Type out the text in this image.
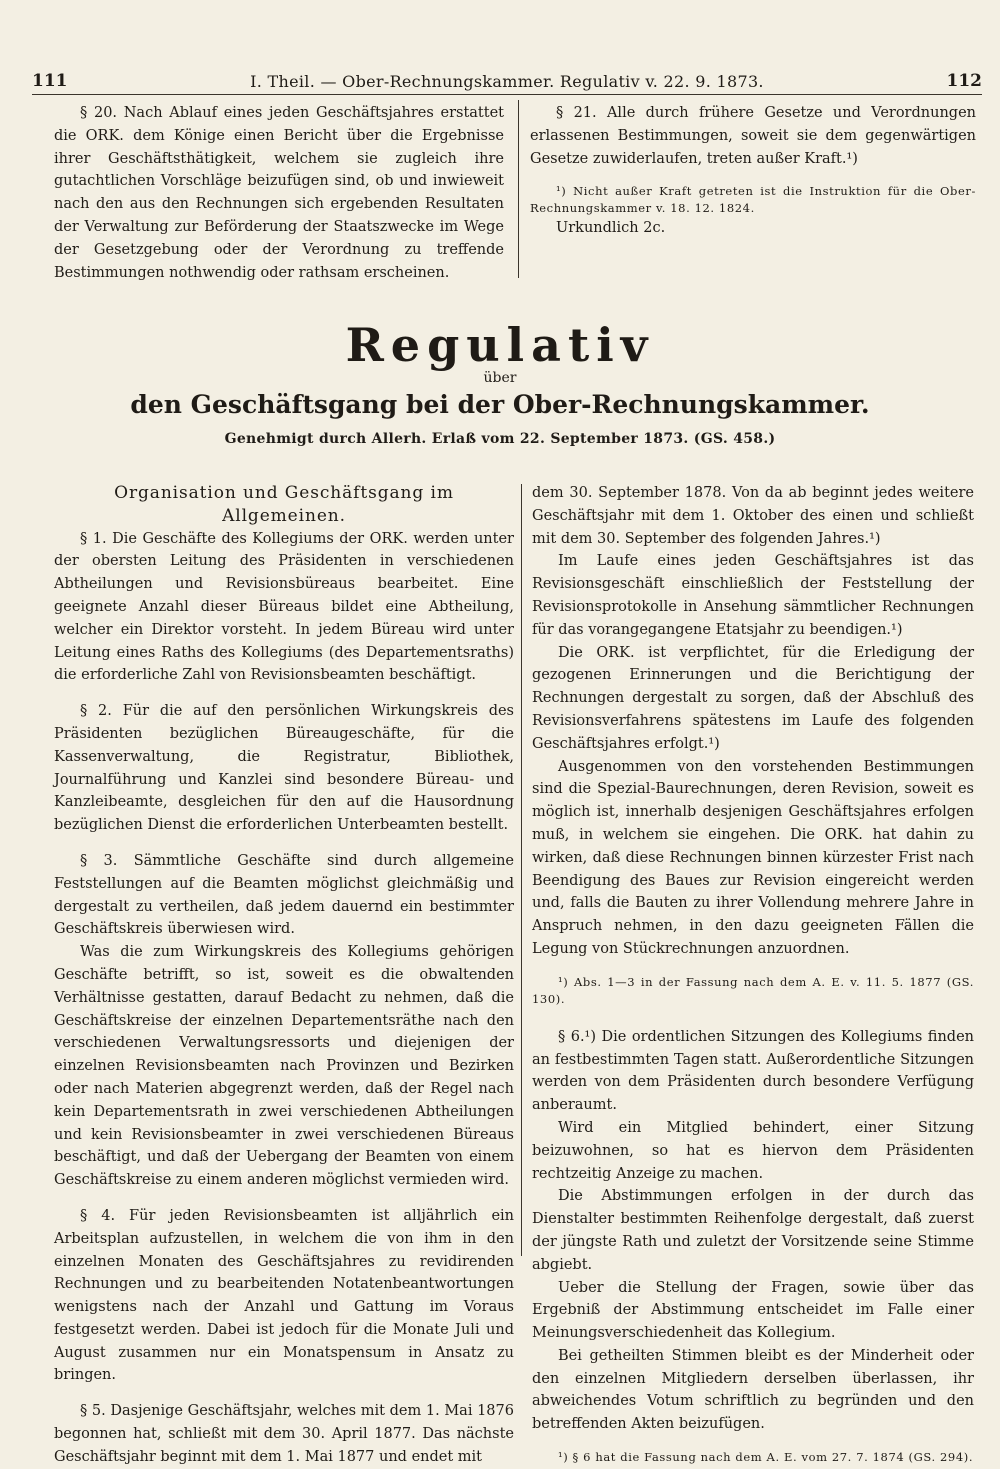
111	I. Theil. — Ober-Rechnungskammer. Regulativ v. 22. 9. 1873.	112

§ 20. Nach Ablauf eines jeden Geschäftsjahres erstattet die ORK. dem Könige einen Bericht über die Ergebnisse ihrer Geschäftsthätigkeit, welchem sie zugleich ihre gutachtlichen Vorschläge beizufügen sind, ob und inwieweit nach den aus den Rechnungen sich ergebenden Resultaten der Verwaltung zur Beförderung der Staatszwecke im Wege der Gesetzgebung oder der Verordnung zu treffende Bestimmungen nothwendig oder rathsam erscheinen.

§ 21. Alle durch frühere Gesetze und Verordnungen erlassenen Bestimmungen, soweit sie dem gegenwärtigen Gesetze zuwiderlaufen, treten außer Kraft.¹)

¹) Nicht außer Kraft getreten ist die Instruktion für die Ober-Rechnungskammer v. 18. 12. 1824.

Urkundlich 2c.

Regulativ
über
den Geschäftsgang bei der Ober-Rechnungskammer.
Genehmigt durch Allerh. Erlaß vom 22. September 1873. (GS. 458.)

Organisation und Geschäftsgang im Allgemeinen.

§ 1. Die Geschäfte des Kollegiums der ORK. werden unter der obersten Leitung des Präsidenten in verschiedenen Abtheilungen und Revisionsbüreaus bearbeitet. Eine geeignete Anzahl dieser Büreaus bildet eine Abtheilung, welcher ein Direktor vorsteht. In jedem Büreau wird unter Leitung eines Raths des Kollegiums (des Departementsraths) die erforderliche Zahl von Revisionsbeamten beschäftigt.

§ 2. Für die auf den persönlichen Wirkungskreis des Präsidenten bezüglichen Büreaugeschäfte, für die Kassenverwaltung, die Registratur, Bibliothek, Journalführung und Kanzlei sind besondere Büreau- und Kanzleibeamte, desgleichen für den auf die Hausordnung bezüglichen Dienst die erforderlichen Unterbeamten bestellt.

§ 3. Sämmtliche Geschäfte sind durch allgemeine Feststellungen auf die Beamten möglichst gleichmäßig und dergestalt zu vertheilen, daß jedem dauernd ein bestimmter Geschäftskreis überwiesen wird.

Was die zum Wirkungskreis des Kollegiums gehörigen Geschäfte betrifft, so ist, soweit es die obwaltenden Verhältnisse gestatten, darauf Bedacht zu nehmen, daß die Geschäftskreise der einzelnen Departementsräthe nach den verschiedenen Verwaltungsressorts und diejenigen der einzelnen Revisionsbeamten nach Provinzen und Bezirken oder nach Materien abgegrenzt werden, daß der Regel nach kein Departementsrath in zwei verschiedenen Abtheilungen und kein Revisionsbeamter in zwei verschiedenen Büreaus beschäftigt, und daß der Uebergang der Beamten von einem Geschäftskreise zu einem anderen möglichst vermieden wird.

§ 4. Für jeden Revisionsbeamten ist alljährlich ein Arbeitsplan aufzustellen, in welchem die von ihm in den einzelnen Monaten des Geschäftsjahres zu revidirenden Rechnungen und zu bearbeitenden Notatenbeantwortungen wenigstens nach der Anzahl und Gattung im Voraus festgesetzt werden. Dabei ist jedoch für die Monate Juli und August zusammen nur ein Monatspensum in Ansatz zu bringen.

§ 5. Dasjenige Geschäftsjahr, welches mit dem 1. Mai 1876 begonnen hat, schließt mit dem 30. April 1877. Das nächste Geschäftsjahr beginnt mit dem 1. Mai 1877 und endet mit

dem 30. September 1878. Von da ab beginnt jedes weitere Geschäftsjahr mit dem 1. Oktober des einen und schließt mit dem 30. September des folgenden Jahres.¹)

Im Laufe eines jeden Geschäftsjahres ist das Revisionsgeschäft einschließlich der Feststellung der Revisionsprotokolle in Ansehung sämmtlicher Rechnungen für das vorangegangene Etatsjahr zu beendigen.¹)

Die ORK. ist verpflichtet, für die Erledigung der gezogenen Erinnerungen und die Berichtigung der Rechnungen dergestalt zu sorgen, daß der Abschluß des Revisionsverfahrens spätestens im Laufe des folgenden Geschäftsjahres erfolgt.¹)

Ausgenommen von den vorstehenden Bestimmungen sind die Spezial-Baurechnungen, deren Revision, soweit es möglich ist, innerhalb desjenigen Geschäftsjahres erfolgen muß, in welchem sie eingehen. Die ORK. hat dahin zu wirken, daß diese Rechnungen binnen kürzester Frist nach Beendigung des Baues zur Revision eingereicht werden und, falls die Bauten zu ihrer Vollendung mehrere Jahre in Anspruch nehmen, in den dazu geeigneten Fällen die Legung von Stückrechnungen anzuordnen.

¹) Abs. 1—3 in der Fassung nach dem A. E. v. 11. 5. 1877 (GS. 130).

§ 6.¹) Die ordentlichen Sitzungen des Kollegiums finden an festbestimmten Tagen statt. Außerordentliche Sitzungen werden von dem Präsidenten durch besondere Verfügung anberaumt.

Wird ein Mitglied behindert, einer Sitzung beizuwohnen, so hat es hiervon dem Präsidenten rechtzeitig Anzeige zu machen.

Die Abstimmungen erfolgen in der durch das Dienstalter bestimmten Reihenfolge dergestalt, daß zuerst der jüngste Rath und zuletzt der Vorsitzende seine Stimme abgiebt.

Ueber die Stellung der Fragen, sowie über das Ergebniß der Abstimmung entscheidet im Falle einer Meinungsverschiedenheit das Kollegium.

Bei getheilten Stimmen bleibt es der Minderheit oder den einzelnen Mitgliedern derselben überlassen, ihr abweichendes Votum schriftlich zu begründen und den betreffenden Akten beizufügen.

¹) § 6 hat die Fassung nach dem A. E. vom 27. 7. 1874 (GS. 294).
